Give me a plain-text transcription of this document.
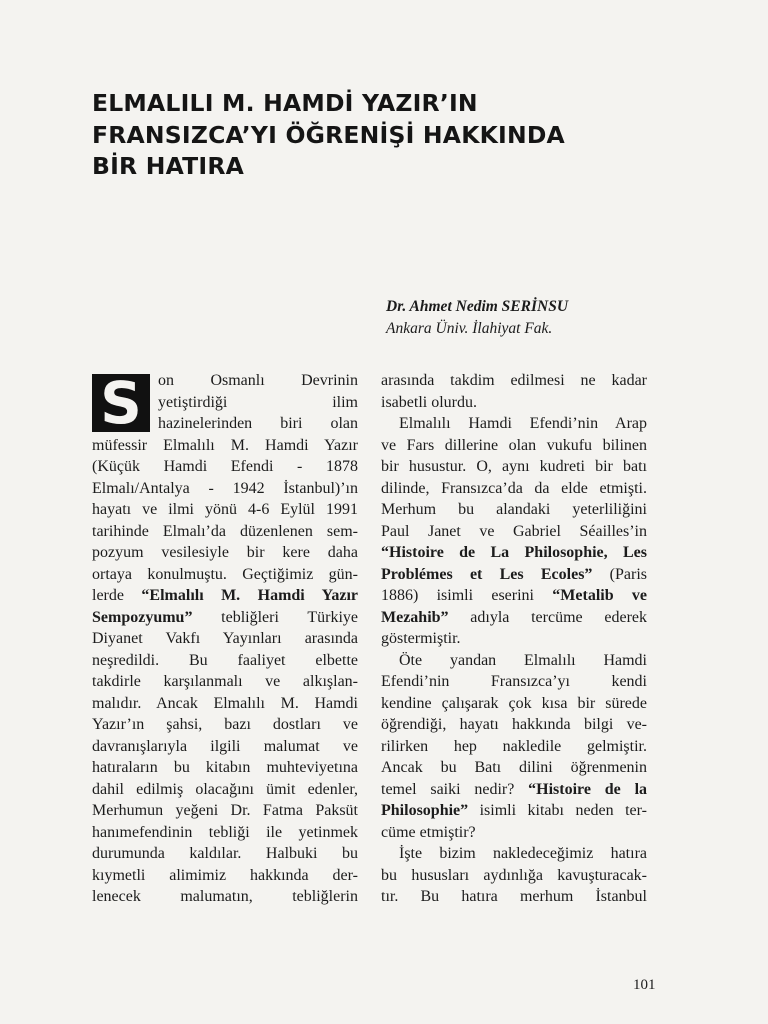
ELMALILI M. HAMDİ YAZIR’IN
FRANSIZCA’YI ÖĞRENİŞİ HAKKINDA
BİR HATIRA
Dr. Ahmet Nedim SERİNSU
Ankara Üniv. İlahiyat Fak.
S	on Osmanlı Devrinin
yetiştirdiği ilim
hazinelerinden biri olan
müfessir Elmalılı M. Hamdi Yazır
(Küçük Hamdi Efendi - 1878
Elmalı/Antalya - 1942 İstanbul)’ın
hayatı ve ilmi yönü 4-6 Eylül 1991
tarihinde Elmalı’da düzenlenen sem-
pozyum vesilesiyle bir kere daha
ortaya konulmuştu. Geçtiğimiz gün-
lerde “Elmalılı M. Hamdi Yazır
Sempozyumu” tebliğleri Türkiye
Diyanet Vakfı Yayınları arasında
neşredildi. Bu faaliyet elbette
takdirle karşılanmalı ve alkışlan-
malıdır. Ancak Elmalılı M. Hamdi
Yazır’ın şahsi, bazı dostları ve
davranışlarıyla ilgili malumat ve
hatıraların bu kitabın muhteviyetına
dahil edilmiş olacağını ümit edenler,
Merhumun yeğeni Dr. Fatma Paksüt
hanımefendinin tebliği ile yetinmek
durumunda kaldılar. Halbuki bu
kıymetli alimimiz hakkında der-
lenecek malumatın, tebliğlerin
arasında takdim edilmesi ne kadar
isabetli olurdu.
Elmalılı Hamdi Efendi’nin Arap
ve Fars dillerine olan vukufu bilinen
bir husustur. O, aynı kudreti bir batı
dilinde, Fransızca’da da elde etmişti.
Merhum bu alandaki yeterliliğini
Paul Janet ve Gabriel Séailles’in
“Histoire de La Philosophie, Les
Problémes et Les Ecoles” (Paris
1886) isimli eserini “Metalib ve
Mezahib” adıyla tercüme ederek
göstermiştir.
Öte yandan Elmalılı Hamdi
Efendi’nin Fransızca’yı kendi
kendine çalışarak çok kısa bir sürede
öğrendiği, hayatı hakkında bilgi ve-
rilirken hep nakledile gelmiştir.
Ancak bu Batı dilini öğrenmenin
temel saiki nedir? “Histoire de la
Philosophie” isimli kitabı neden ter-
cüme etmiştir?
İşte bizim nakledeceğimiz hatıra
bu hususları aydınlığa kavuşturacak-
tır. Bu hatıra merhum İstanbul
101
